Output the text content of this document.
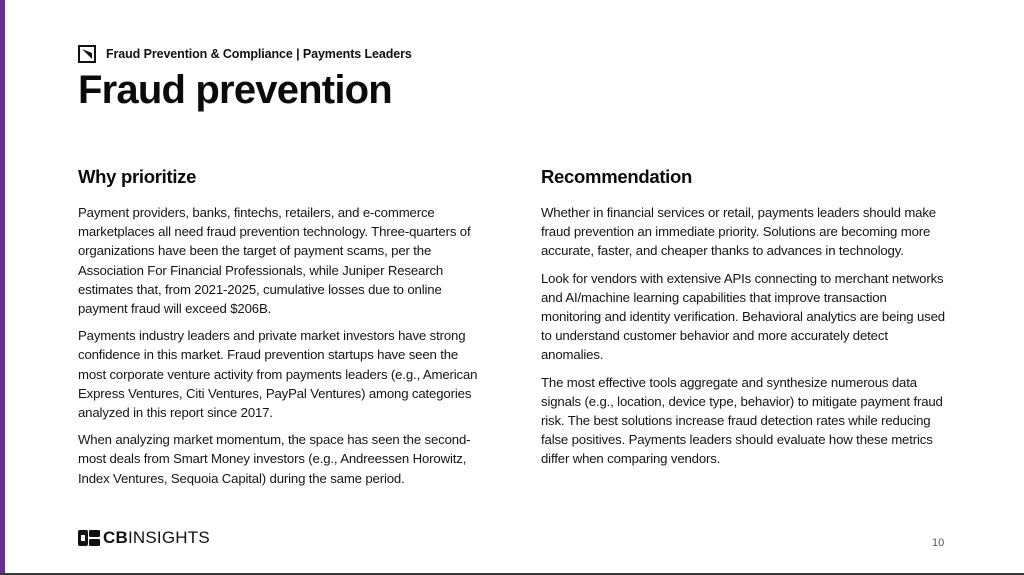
Fraud Prevention & Compliance | Payments Leaders
Fraud prevention
Why prioritize

Payment providers, banks, fintechs, retailers, and e-commerce marketplaces all need fraud prevention technology. Three-quarters of organizations have been the target of payment scams, per the Association For Financial Professionals, while Juniper Research estimates that, from 2021-2025, cumulative losses due to online payment fraud will exceed $206B.

Payments industry leaders and private market investors have strong confidence in this market. Fraud prevention startups have seen the most corporate venture activity from payments leaders (e.g., American Express Ventures, Citi Ventures, PayPal Ventures) among categories analyzed in this report since 2017.

When analyzing market momentum, the space has seen the second-most deals from Smart Money investors (e.g., Andreessen Horowitz, Index Ventures, Sequoia Capital) during the same period.

Recommendation

Whether in financial services or retail, payments leaders should make fraud prevention an immediate priority. Solutions are becoming more accurate, faster, and cheaper thanks to advances in technology.

Look for vendors with extensive APIs connecting to merchant networks and AI/machine learning capabilities that improve transaction monitoring and identity verification. Behavioral analytics are being used to understand customer behavior and more accurately detect anomalies.

The most effective tools aggregate and synthesize numerous data signals (e.g., location, device type, behavior) to mitigate payment fraud risk. The best solutions increase fraud detection rates while reducing false positives. Payments leaders should evaluate how these metrics differ when comparing vendors.

CBINSIGHTS	10
